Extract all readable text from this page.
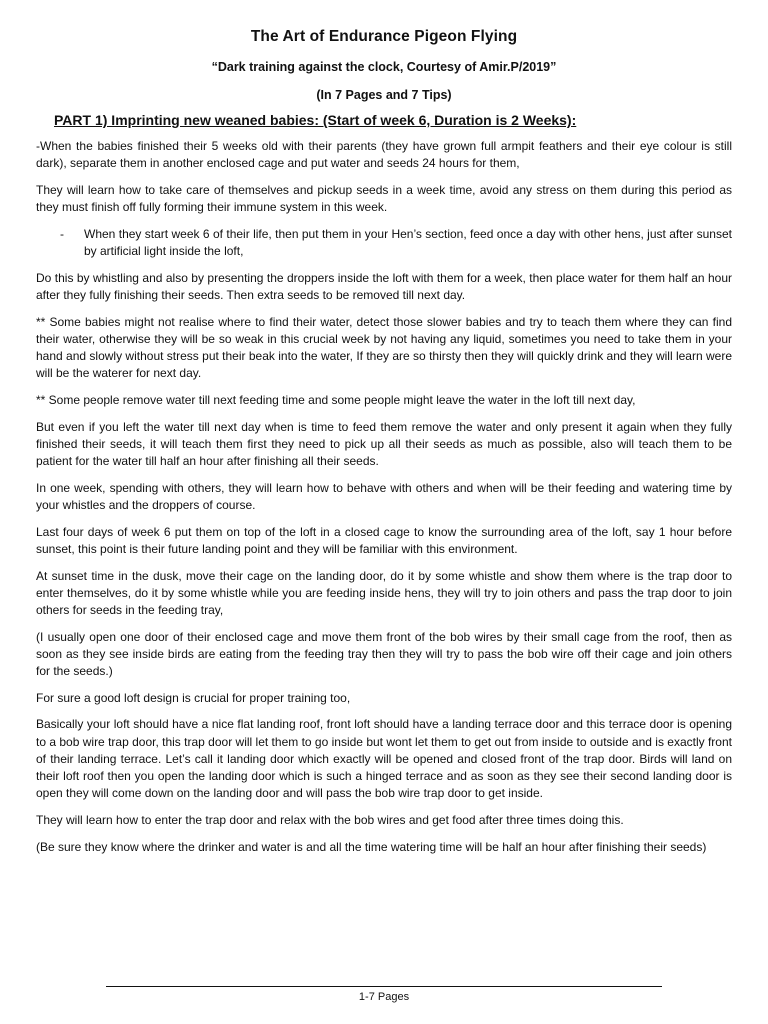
The Art of Endurance Pigeon Flying
“Dark training against the clock, Courtesy of Amir.P/2019”
(In 7 Pages and 7 Tips)
PART 1) Imprinting new weaned babies: (Start of week 6, Duration is 2 Weeks):

-When the babies finished their 5 weeks old with their parents (they have grown full armpit feathers and their eye colour is still dark), separate them in another enclosed cage and put water and seeds 24 hours for them,

They will learn how to take care of themselves and pickup seeds in a week time, avoid any stress on them during this period as they must finish off fully forming their immune system in this week.

-	When they start week 6 of their life, then put them in your Hen’s section, feed once a day with other hens, just after sunset by artificial light inside the loft,

Do this by whistling and also by presenting the droppers inside the loft with them for a week, then place water for them half an hour after they fully finishing their seeds. Then extra seeds to be removed till next day.

** Some babies might not realise where to find their water, detect those slower babies and try to teach them where they can find their water, otherwise they will be so weak in this crucial week by not having any liquid, sometimes you need to take them in your hand and slowly without stress put their beak into the water, If they are so thirsty then they will quickly drink and they will learn were will be the waterer for next day.

** Some people remove water till next feeding time and some people might leave the water in the loft till next day,

But even if you left the water till next day when is time to feed them remove the water and only present it again when they fully finished their seeds, it will teach them first they need to pick up all their seeds as much as possible, also will teach them to be patient for the water till half an hour after finishing all their seeds.

In one week, spending with others, they will learn how to behave with others and when will be their feeding and watering time by your whistles and the droppers of course.

Last four days of week 6 put them on top of the loft in a closed cage to know the surrounding area of the loft, say 1 hour before sunset, this point is their future landing point and they will be familiar with this environment.

At sunset time in the dusk, move their cage on the landing door, do it by some whistle and show them where is the trap door to enter themselves, do it by some whistle while you are feeding inside hens, they will try to join others and pass the trap door to join others for seeds in the feeding tray,

(I usually open one door of their enclosed cage and move them front of the bob wires by their small cage from the roof, then as soon as they see inside birds are eating from the feeding tray then they will try to pass the bob wire off their cage and join others for the seeds.)

For sure a good loft design is crucial for proper training too,

Basically your loft should have a nice flat landing roof, front loft should have a landing terrace door and this terrace door is opening to a bob wire trap door, this trap door will let them to go inside but wont let them to get out from inside to outside and is exactly front of their landing terrace. Let’s call it landing door which exactly will be opened and closed front of the trap door. Birds will land on their loft roof then you open the landing door which is such a hinged terrace and as soon as they see their second landing door is open they will come down on the landing door and will pass the bob wire trap door to get inside.

They will learn how to enter the trap door and relax with the bob wires and get food after three times doing this.

(Be sure they know where the drinker and water is and all the time watering time will be half an hour after finishing their seeds)

1-7 Pages
